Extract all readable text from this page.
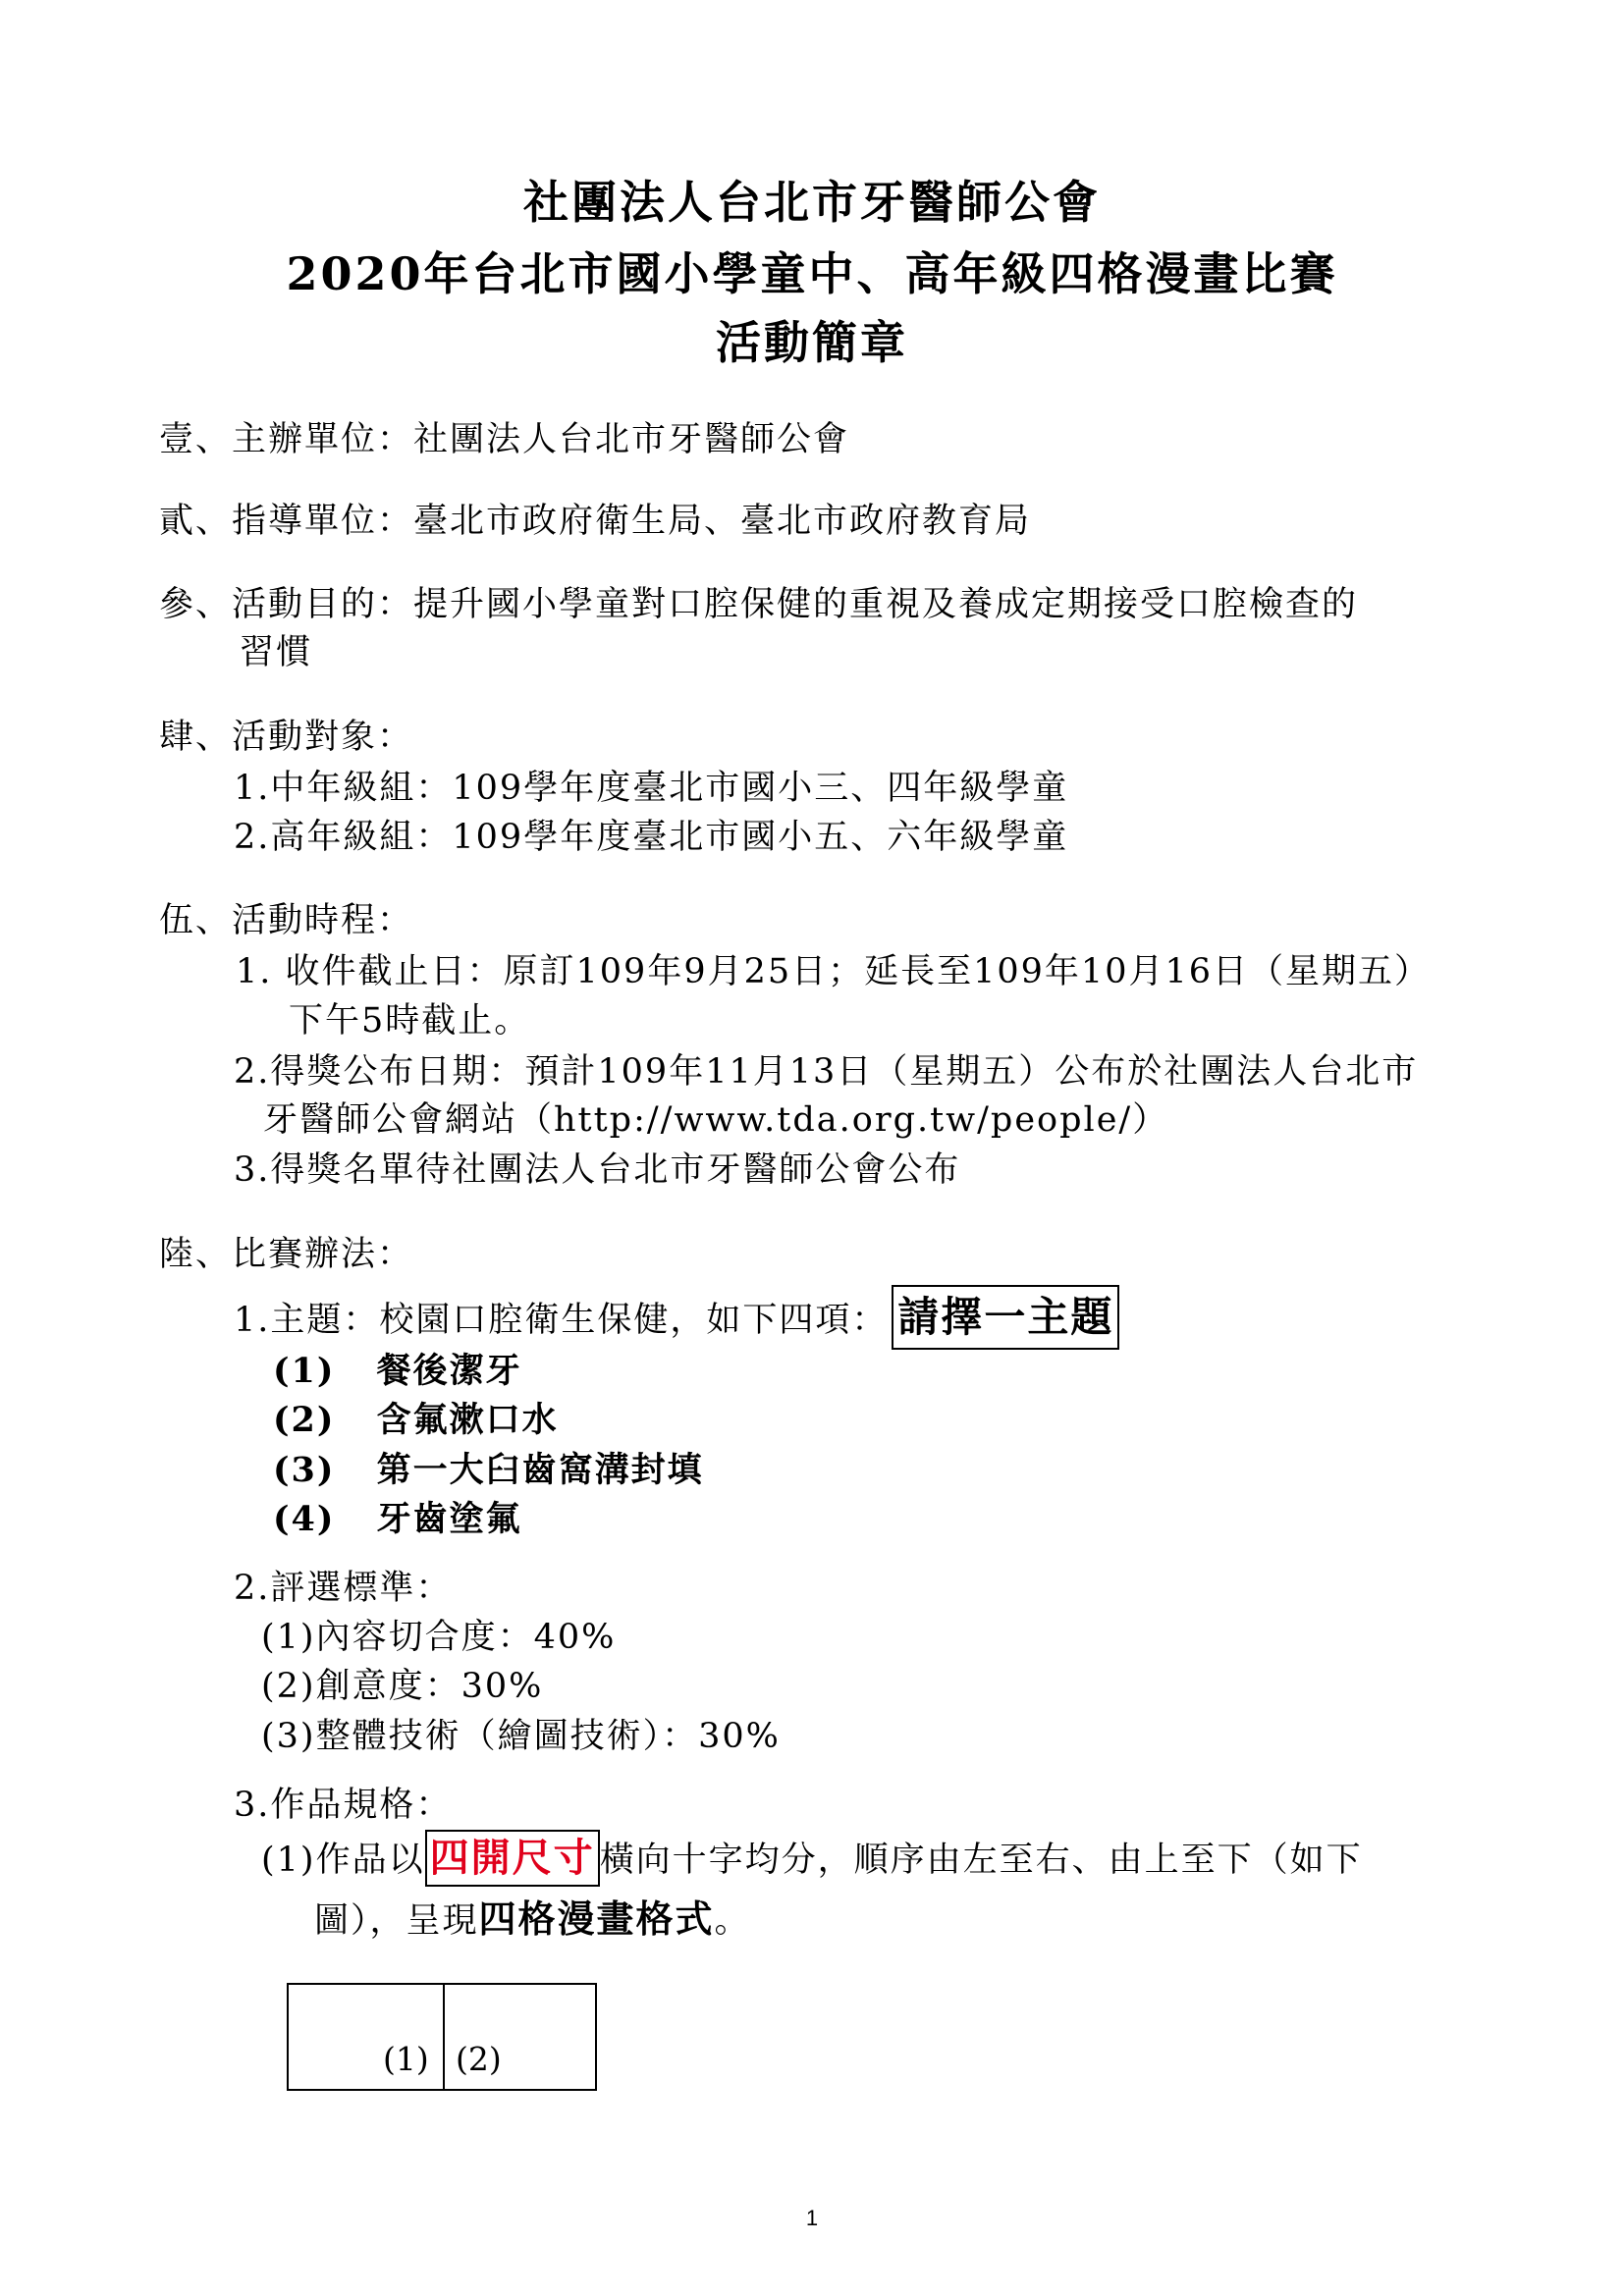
社團法人台北市牙醫師公會
2020年台北市國小學童中、高年級四格漫畫比賽
活動簡章
壹、主辦單位：社團法人台北市牙醫師公會
貳、指導單位：臺北市政府衛生局、臺北市政府教育局
參、活動目的：提升國小學童對口腔保健的重視及養成定期接受口腔檢查的
習慣
肆、活動對象：
1.中年級組：109學年度臺北市國小三、四年級學童
2.高年級組：109學年度臺北市國小五、六年級學童
伍、活動時程：
1. 收件截止日：原訂109年9月25日；延長至109年10月16日（星期五）
下午5時截止。
2.得獎公布日期：預計109年11月13日（星期五）公布於社團法人台北市
牙醫師公會網站（http://www.tda.org.tw/people/）
3.得獎名單待社團法人台北市牙醫師公會公布
陸、比賽辦法：
1.主題：校園口腔衛生保健，如下四項： 請擇一主題
(1) 餐後潔牙
(2) 含氟漱口水
(3) 第一大臼齒窩溝封填
(4) 牙齒塗氟
2.評選標準：
(1)內容切合度：40%
(2)創意度：30%
(3)整體技術（繪圖技術）：30%
3.作品規格：
(1)作品以 四開尺寸 橫向十字均分，順序由左至右、由上至下（如下
圖），呈現四格漫畫格式。
(1) (2)
1
